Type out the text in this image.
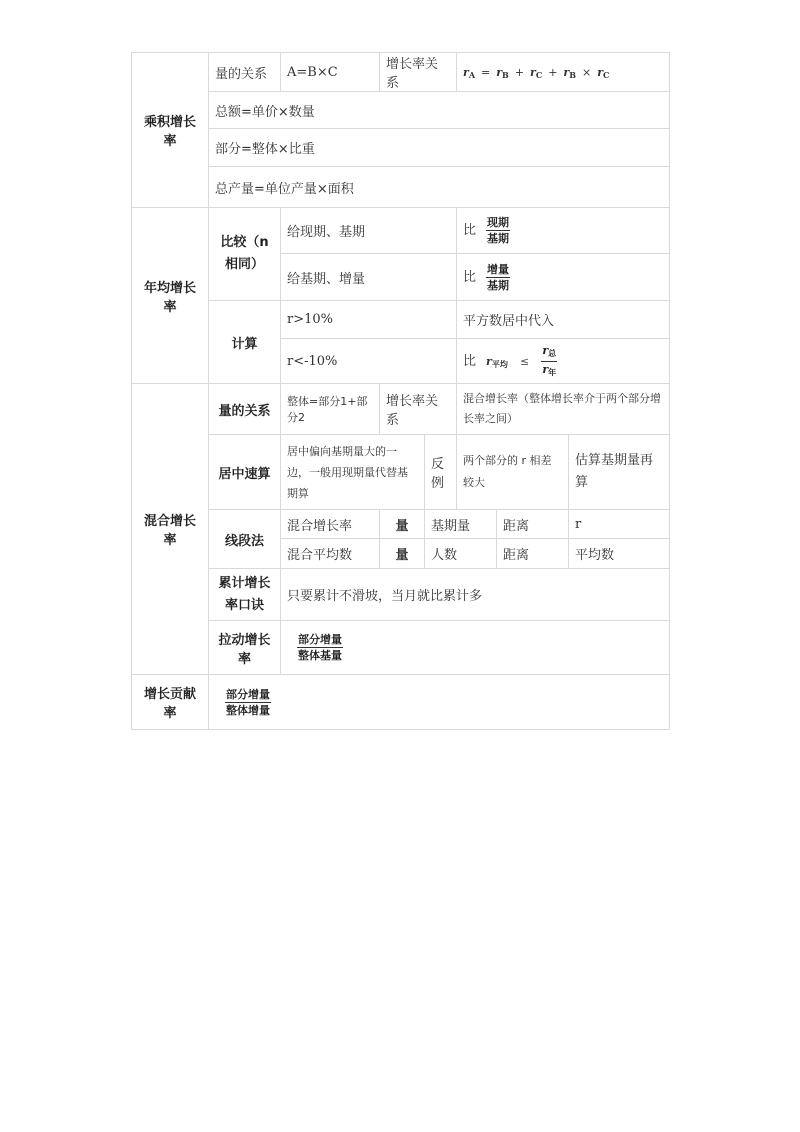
乘积增长率	量的关系	A=B×C	增长率关系		rA = rB + rC + rB × rC		
	总额=单价×数量						
	部分=整体×比重						
	总产量=单位产量×面积						
年均增长率	比较（n相同）	给现期、基期			比 $\frac{\text{现期}}{\text{基期}}$

		给基期、增量			比 $\frac{\text{增量}}{\text{基期}}$

	计算	r>10%			平方数居中代入		
		r<-10%			比 r平均 ≤ $\frac{\text{r总}}{\text{r年}}$

混合增长率	量的关系	整体=部分1+部分2	增长率关系		混合增长率（整体增长率介于两个部分增长率之间）		
	居中速算	居中偏向基期量大的一边，一般用现期量代替基期算		反例	两个部分的 r 相差较大		估算基期量再算
	线段法	混合增长率	量	基期量		距离	r
		混合平均数	量	人数		距离	平均数
	累计增长率口诀	只要累计不滑坡，当月就比累计多					
	拉动增长率	$\frac{\text{部分增量}}{\text{整体基量}}$

增长贡献率	$\frac{\text{部分增量}}{\text{整体增量}}$
